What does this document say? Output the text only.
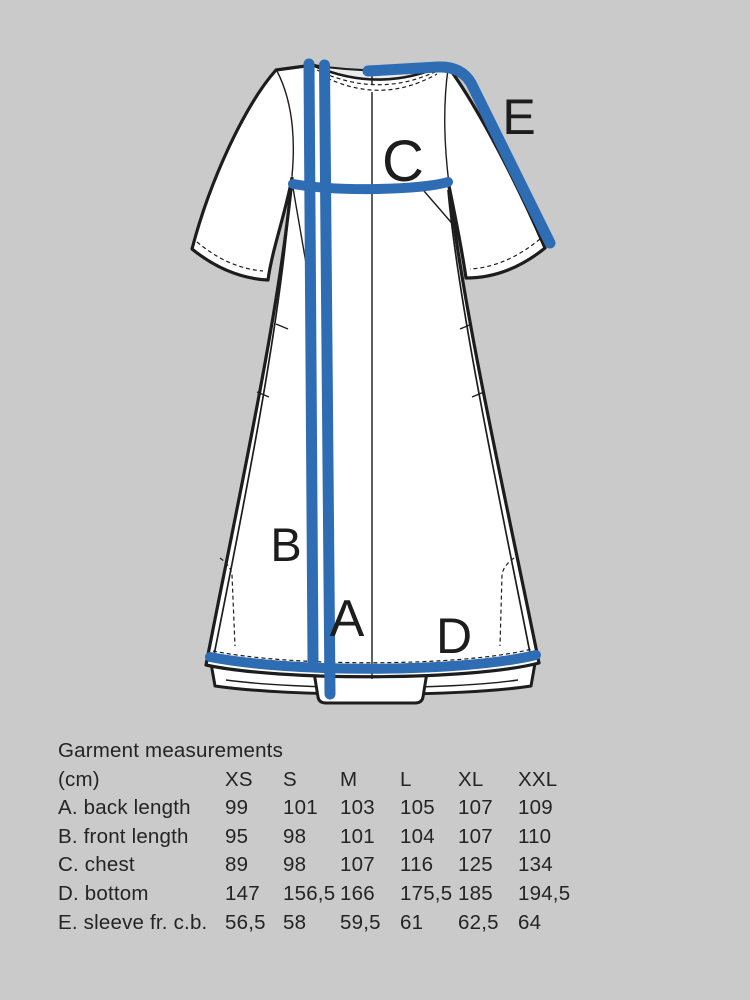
C
E
B
A D
Garment measurements
(cm)	XS	S	M	L	XL	XXL
A. back length	99	101	103	105	107	109
B. front length	95	98	101	104	107	110
C. chest	89	98	107	116	125	134
D. bottom	147	156,5 166	175,5 185	194,5
E. sleeve fr. c.b. 56,5 58	59,5 61	62,5 64
